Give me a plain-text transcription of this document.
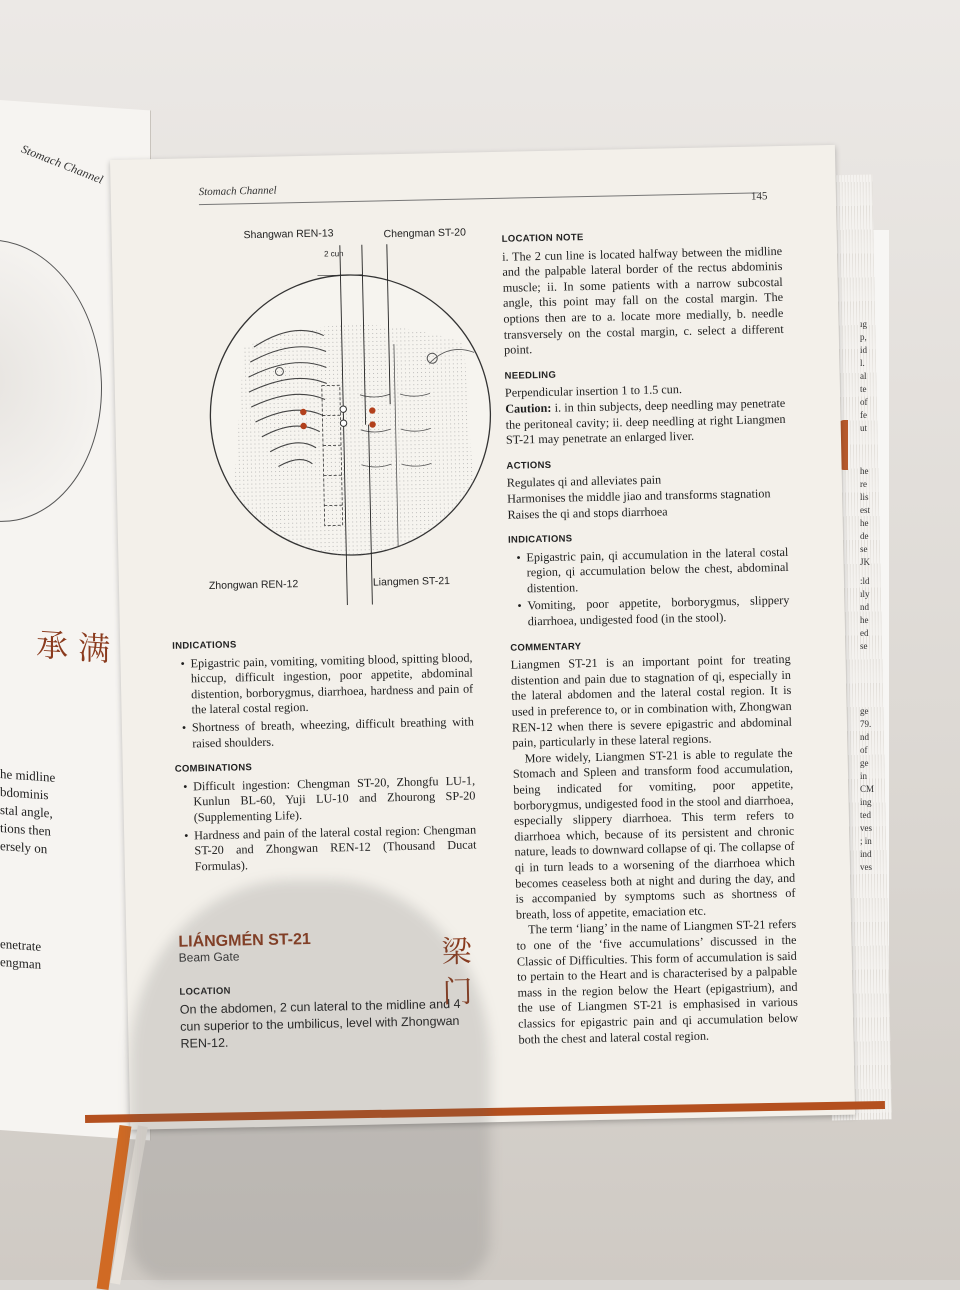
Stomach Channel
承 满
he midline
bdominis
stal angle,
tions then
ersely on
enetrate
engman
ıg
p,
id
l.
al
te
of
fe
ut
he
re
lis
est
he
de
se
JK
:ld
ıly
nd
he
ed
se
ge
79.
nd
of
ge
in
CM
ing
ted
ves
; in
ind
ves
Stomach Channel	145
Shangwan REN-13	Chengman ST-20
2 cun
Zhongwan REN-12	Liangmen ST-21
INDICATIONS
• Epigastric pain, vomiting, vomiting blood, spitting blood, hiccup, difficult ingestion, poor appetite, abdominal distention, borborygmus, diarrhoea, hardness and pain of the lateral costal region.
• Shortness of breath, wheezing, difficult breathing with raised shoulders.
COMBINATIONS
• Difficult ingestion: Chengman ST-20, Zhongfu LU-1, Kunlun BL-60, Yuji LU-10 and Zhourong SP-20 (Supplementing Life).
• Hardness and pain of the lateral costal region: Chengman ST-20 and Zhongwan REN-12 (Thousand Ducat Formulas).
LIÁNGMÉN ST-21
Beam Gate
LOCATION
On the abdomen, 2 cun lateral to the midline and 4 cun superior to the umbilicus, level with Zhongwan REN-12.
梁 门
LOCATION NOTE

i. The 2 cun line is located halfway between the midline and the palpable lateral border of the rectus abdominis muscle; ii. In some patients with a narrow subcostal angle, this point may fall on the costal margin. The options then are to a. locate more medially, b. needle transversely on the costal margin, c. select a different point.

NEEDLING

Perpendicular insertion 1 to 1.5 cun.

Caution: i. in thin subjects, deep needling may penetrate the peritoneal cavity; ii. deep needling at right Liangmen ST-21 may penetrate an enlarged liver.

ACTIONS
Regulates qi and alleviates pain
Harmonises the middle jiao and transforms stagnation
Raises the qi and stops diarrhoea
INDICATIONS
• Epigastric pain, qi accumulation in the lateral costal region, qi accumulation below the chest, abdominal distention.
• Vomiting, poor appetite, borborygmus, slippery diarrhoea, undigested food (in the stool).
COMMENTARY

Liangmen ST-21 is an important point for treating distention and pain due to stagnation of qi, especially in the lateral abdomen and the lateral costal region. It is used in preference to, or in combination with, Zhongwan REN-12 when there is severe epigastric and abdominal pain, particularly in these lateral regions.

More widely, Liangmen ST-21 is able to regulate the Stomach and Spleen and transform food accumulation, being indicated for vomiting, poor appetite, borborygmus, undigested food in the stool and diarrhoea, especially slippery diarrhoea. This term refers to diarrhoea which, because of its persistent and chronic nature, leads to downward collapse of qi. The collapse of qi in turn leads to a worsening of the diarrhoea which becomes ceaseless both at night and during the day, and is accompanied by symptoms such as shortness of breath, loss of appetite, emaciation etc.

The term ‘liang’ in the name of Liangmen ST-21 refers to one of the ‘five accumulations’ discussed in the Classic of Difficulties. This form of accumulation is said to pertain to the Heart and is characterised by a palpable mass in the region below the Heart (epigastrium), and the use of Liangmen ST-21 is emphasised in various classics for epigastric pain and qi accumulation below both the chest and lateral costal region.
